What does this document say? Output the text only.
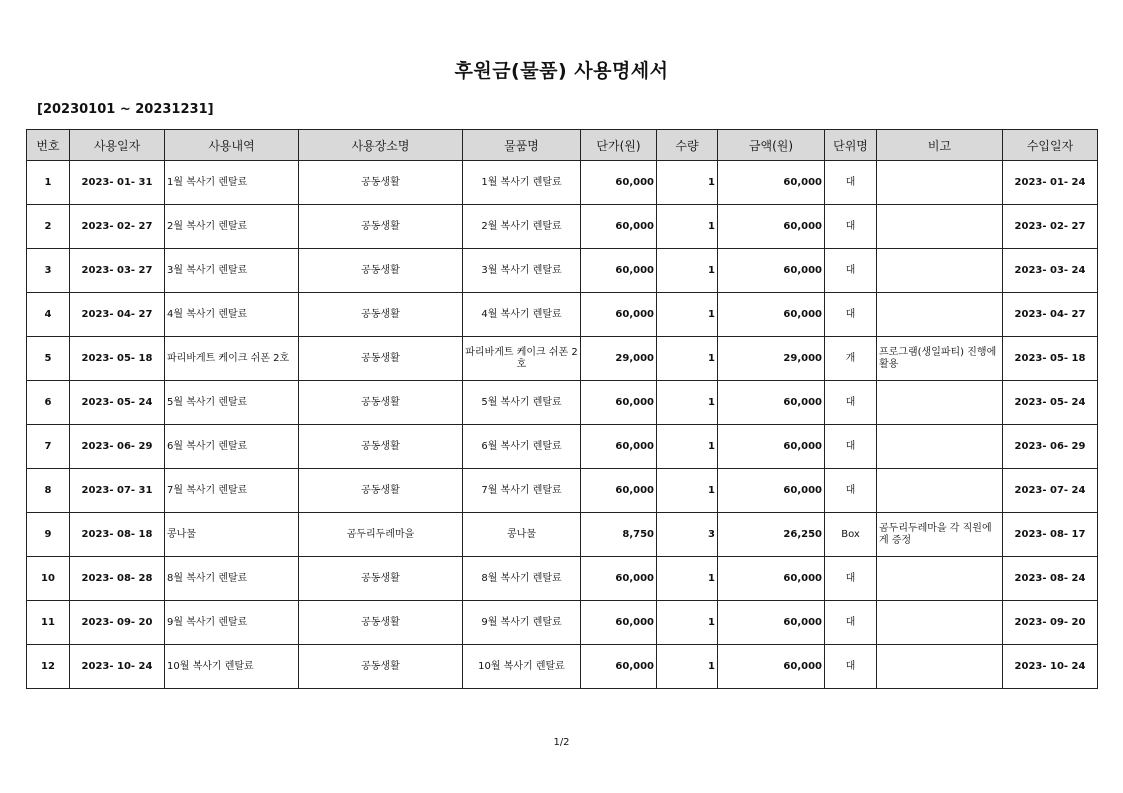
후원금(물품) 사용명세서
[20230101 ~ 20231231]
번호	사용일자	사용내역	사용장소명	물품명	단가(원)	수량	금액(원)	단위명	비고	수입일자
1	2023- 01- 31	1월 복사기 렌탈료	공동생활	1월 복사기 렌탈료	60,000	1	60,000	대		2023- 01- 24
2	2023- 02- 27	2월 복사기 렌탈료	공동생활	2월 복사기 렌탈료	60,000	1	60,000	대		2023- 02- 27
3	2023- 03- 27	3월 복사기 렌탈료	공동생활	3월 복사기 렌탈료	60,000	1	60,000	대		2023- 03- 24
4	2023- 04- 27	4월 복사기 렌탈료	공동생활	4월 복사기 렌탈료	60,000	1	60,000	대		2023- 04- 27
5	2023- 05- 18	파리바게트 케이크 쉬폰 2호	공동생활	파리바게트 케이크 쉬폰 2호	29,000	1	29,000	개	프로그램(생일파티) 진행에 활용	2023- 05- 18
6	2023- 05- 24	5월 복사기 렌탈료	공동생활	5월 복사기 렌탈료	60,000	1	60,000	대		2023- 05- 24
7	2023- 06- 29	6월 복사기 렌탈료	공동생활	6월 복사기 렌탈료	60,000	1	60,000	대		2023- 06- 29
8	2023- 07- 31	7월 복사기 렌탈료	공동생활	7월 복사기 렌탈료	60,000	1	60,000	대		2023- 07- 24
9	2023- 08- 18	콩나물	곰두리두레마을	콩나물	8,750	3	26,250	Box	곰두리두레마을 각 직원에게 증정	2023- 08- 17
10	2023- 08- 28	8월 복사기 렌탈료	공동생활	8월 복사기 렌탈료	60,000	1	60,000	대		2023- 08- 24
11	2023- 09- 20	9월 복사기 렌탈료	공동생활	9월 복사기 렌탈료	60,000	1	60,000	대		2023- 09- 20
12	2023- 10- 24	10월 복사기 렌탈료	공동생활	10월 복사기 렌탈료	60,000	1	60,000	대		2023- 10- 24
1/2
